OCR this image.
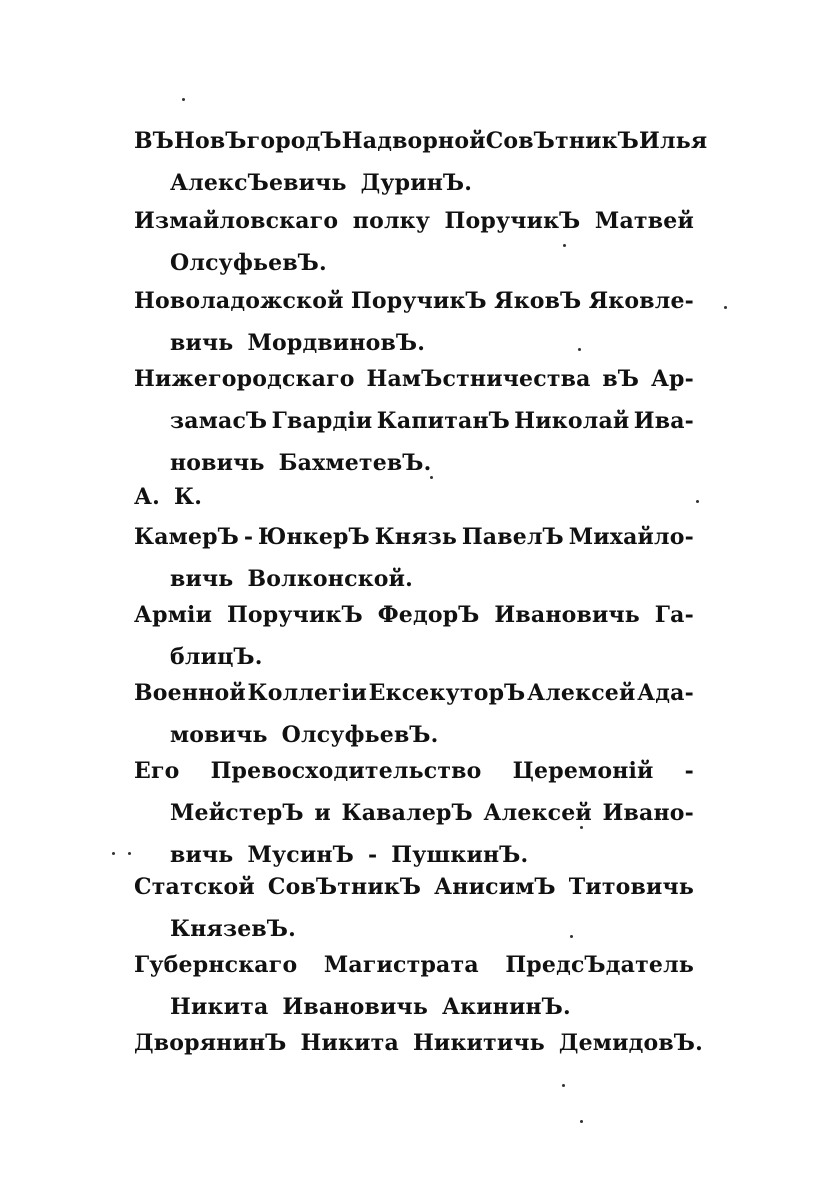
ВЪ НовЪгородЪ Надворной СовЪтникЪ Илья
АлексЪевичь ДуринЪ.
Измайловскаго полку ПоручикЪ Матвей
ОлсуфьевЪ.
Новоладожской ПоручикЪ ЯковЪ Яковле-
вичь МордвиновЪ.
Нижегородскаго НамЪстничества вЪ Ар-
замасЪ Гвардіи КапитанЪ Николай Ива-
новичь БахметевЪ.
А. К.
КамерЪ - ЮнкерЪ Князь ПавелЪ Михайло-
вичь Волконской.
Арміи ПоручикЪ ФедорЪ Ивановичь Га-
блицЪ.
Военной Коллегіи ЕксекуторЪ Алексей Ада-
мовичь ОлсуфьевЪ.
Его Превосходительство Церемоній -
МейстерЪ и КавалерЪ Алексей Ивано-
вичь МусинЪ - ПушкинЪ.
Статской СовЪтникЪ АнисимЪ Титовичь
КнязевЪ.
Губернскаго Магистрата ПредсЪдатель
Никита Ивановичь АкининЪ.
ДворянинЪ Никита Никитичь ДемидовЪ.
